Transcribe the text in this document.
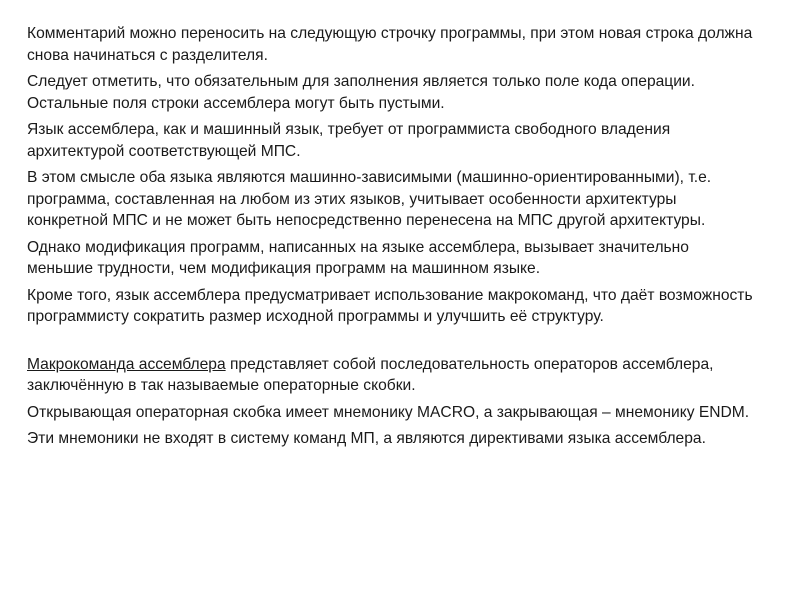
Комментарий можно переносить на следующую строчку программы, при этом новая строка должна снова начинаться с разделителя.

Следует отметить, что обязательным для заполнения является только поле кода операции. Остальные поля строки ассемблера могут быть пустыми.

Язык ассемблера, как и машинный язык, требует от программиста свободного владения архитектурой соответствующей МПС.

В этом смысле оба языка являются машинно-зависимыми (машинно-ориентированными), т.е. программа, составленная на любом из этих языков, учитывает особенности архитектуры конкретной МПС и не может быть непосредственно перенесена на МПС другой архитектуры.

Однако модификация программ, написанных на языке ассемблера, вызывает значительно меньшие трудности, чем модификация программ на машинном языке.

Кроме того, язык ассемблера предусматривает использование макрокоманд, что даёт возможность программисту сократить размер исходной программы и улучшить её структуру.

Макрокоманда ассемблера представляет собой последовательность операторов ассемблера, заключённую в так называемые операторные скобки.

Открывающая операторная скобка имеет мнемонику MACRO, а закрывающая – мнемонику ENDM.

Эти мнемоники не входят в систему команд МП, а являются директивами языка ассемблера.
